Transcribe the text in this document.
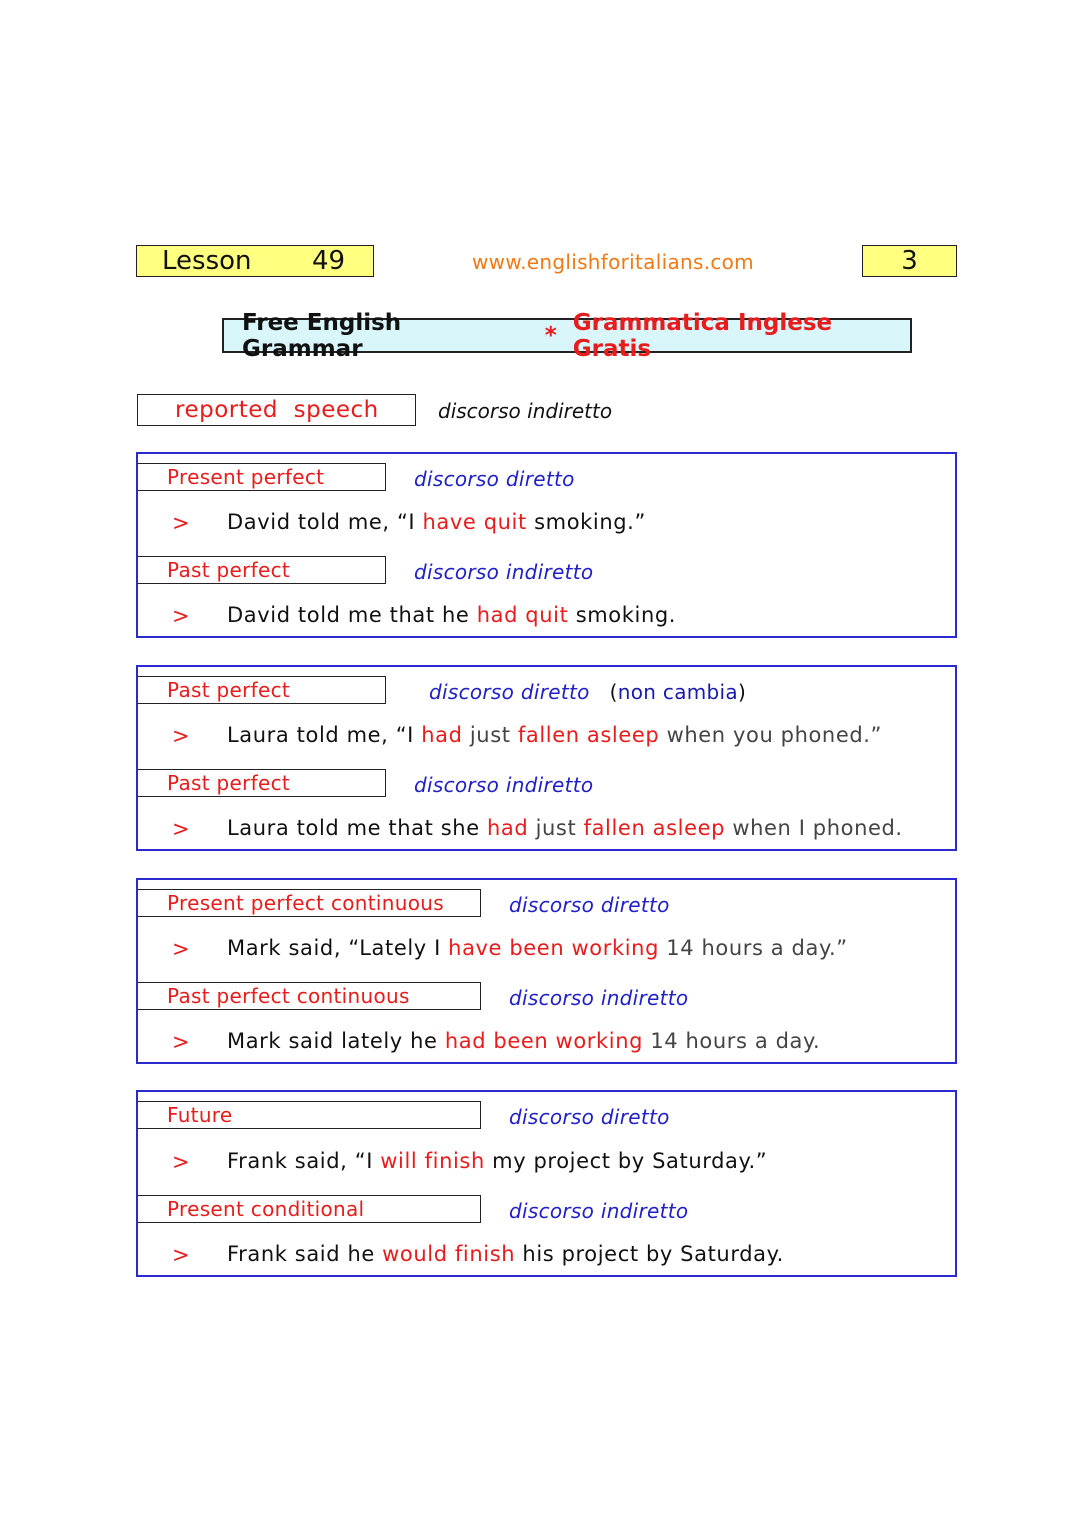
Lesson 49	www.englishforitalians.com	3
Free English Grammar	* Grammatica Inglese Gratis
reported  speech	discorso indiretto
Present perfect	discorso diretto
> David told me, “I have quit smoking.”
Past perfect	discorso indiretto
> David told me that he had quit smoking.
Past perfect	discorso diretto (non cambia)
> Laura told me, “I had just fallen asleep when you phoned.”
Past perfect	discorso indiretto
> Laura told me that she had just fallen asleep when I phoned.
Present perfect continuous	discorso diretto
> Mark said, “Lately I have been working 14 hours a day.”
Past perfect continuous	discorso indiretto
> Mark said lately he had been working 14 hours a day.
Future	discorso diretto
> Frank said, “I will finish my project by Saturday.”
Present conditional	discorso indiretto
> Frank said he would finish his project by Saturday.
